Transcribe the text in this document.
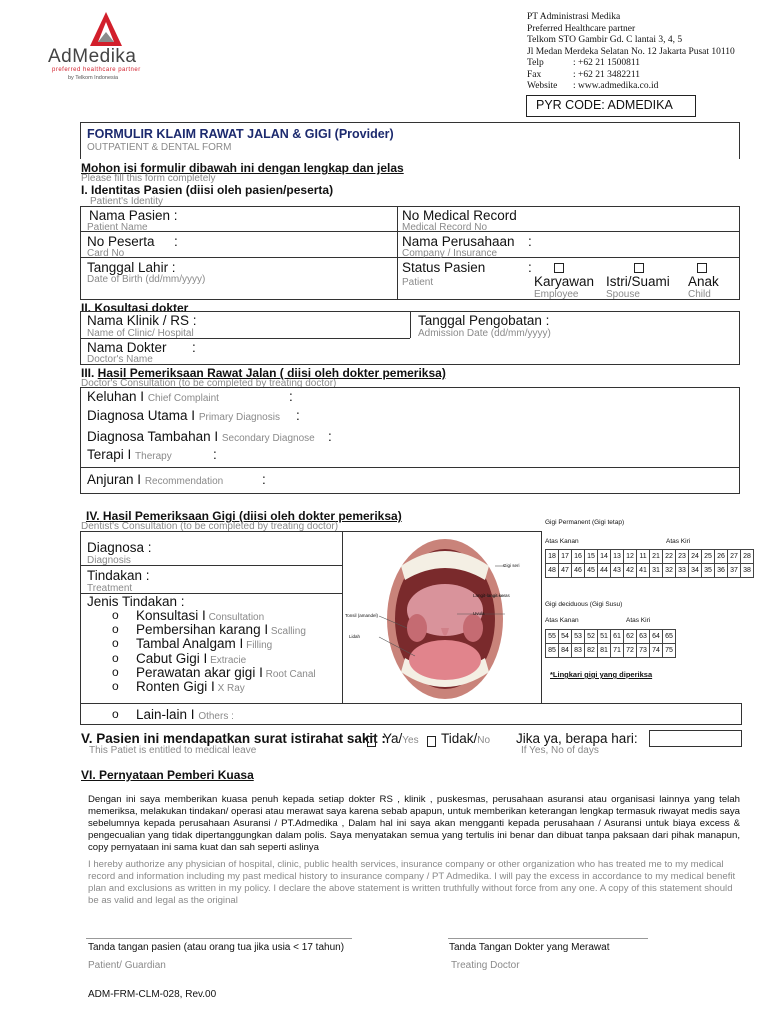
AdMedika
preferred healthcare partner
by Telkom Indonesia
PT Administrasi Medika
Preferred Healthcare partner
Telkom STO Gambir Gd. C lantai 3, 4, 5
Jl Medan Merdeka Selatan No. 12 Jakarta Pusat 10110
Telp	: +62 21 1500811
Fax	: +62 21 3482211
Website : www.admedika.co.id
PYR CODE: ADMEDIKA
FORMULIR KLAIM RAWAT JALAN & GIGI (Provider)
OUTPATIENT & DENTAL FORM
Mohon isi formulir dibawah ini dengan lengkap dan jelas
Please fill this form completely
I. Identitas Pasien (diisi oleh pasien/peserta)
Patient's Identity
Nama Pasien :
Patient Name
No Medical Record
Medical Record No
No Peserta :
Card No
Nama Perusahaan :
Company / Insurance
Tanggal Lahir :
Date of Birth (dd/mm/yyyy)
Status Pasien	:
Patient	Karyawan
Employee
Istri/Suami
Spouse
Anak
Child
II. Kosultasi dokter
Nama Klinik / RS :
Name of Clinic/ Hospital
Tanggal Pengobatan :
Admission Date (dd/mm/yyyy)
Nama Dokter :
Doctor's Name
III. Hasil Pemeriksaan Rawat Jalan ( diisi oleh dokter pemeriksa)
Doctor's Consultation (to be completed by treating doctor)
Keluhan I Chief Complaint	:
Diagnosa Utama I Primary Diagnosis :
Diagnosa Tambahan I Secondary Diagnose :
Terapi I Therapy	:
Anjuran I Recommendation	:
IV. Hasil Pemeriksaan Gigi (diisi oleh dokter pemeriksa)
Dentist's Consultation (to be completed by treating doctor)
Diagnosa :
Diagnosis
Tindakan :
Treatment
Jenis Tindakan :
o Konsultasi I Consultation
o Pembersihan karang I Scalling
o Tambal Analgam I Filling
o Cabut Gigi I Extracie
o Perawatan akar gigi I Root Canal
o Ronten Gigi I X Ray
Gigi seri
Langit-langit keras
Uvula
Tonsil (amandel)
Lidah
Gigi Permanent (Gigi tetap)
Atas Kanan	Atas Kiri
18	17	16	15	14	13	12	11	21	22	23	24	25	26	27	28
48	47	46	45	44	43	42	41	31	32	33	34	35	36	37	38
Gigi deciduous (Gigi Susu)
Atas Kanan	Atas Kiri
55	54	53	52	51	61	62	63	64	65
85	84	83	82	81	71	72	73	74	75
*Lingkari gigi yang diperiksa
o Lain-lain I Others :
V. Pasien ini mendapatkan surat istirahat sakit :
This Patiet is entitled to medical leave
Ya/Yes Tidak/No Jika ya, berapa hari:
If Yes, No of days
VI. Pernyataan Pemberi Kuasa
Dengan ini saya memberikan kuasa penuh kepada setiap dokter RS , klinik , puskesmas, perusahaan asuransi atau organisasi lainnya yang telah memeriksa, melakukan tindakan/ operasi atau merawat saya karena sebab apapun, untuk memberikan keterangan lengkap termasuk riwayat medis saya sebelumnya kepada perusahaan Asuransi / PT.Admedika , Dalam hal ini saya akan mengganti kepada perusahaan / Asuransi untuk biaya excess & pengecualian yang tidak dipertanggungkan dalam polis. Saya menyatakan semua yang tertulis ini benar dan dibuat tanpa paksaan dari pihak manapun, copy pernyataan ini sama kuat dan sah seperti aslinya
I hereby authorize any physician of hospital, clinic, public health services, insurance company or other organization who has treated me to my medical record and information including my past medical history to insurance company / PT Admedika. I will pay the excess in accordance to my medical benefit plan and exclusions as written in my policy. I declare the above statement is written truthfully without force from any one. A copy of this statement should be as valid and legal as the original
Tanda tangan pasien (atau orang tua jika usia < 17 tahun)
Patient/ Guardian
Tanda Tangan Dokter yang Merawat
Treating Doctor
ADM-FRM-CLM-028, Rev.00
